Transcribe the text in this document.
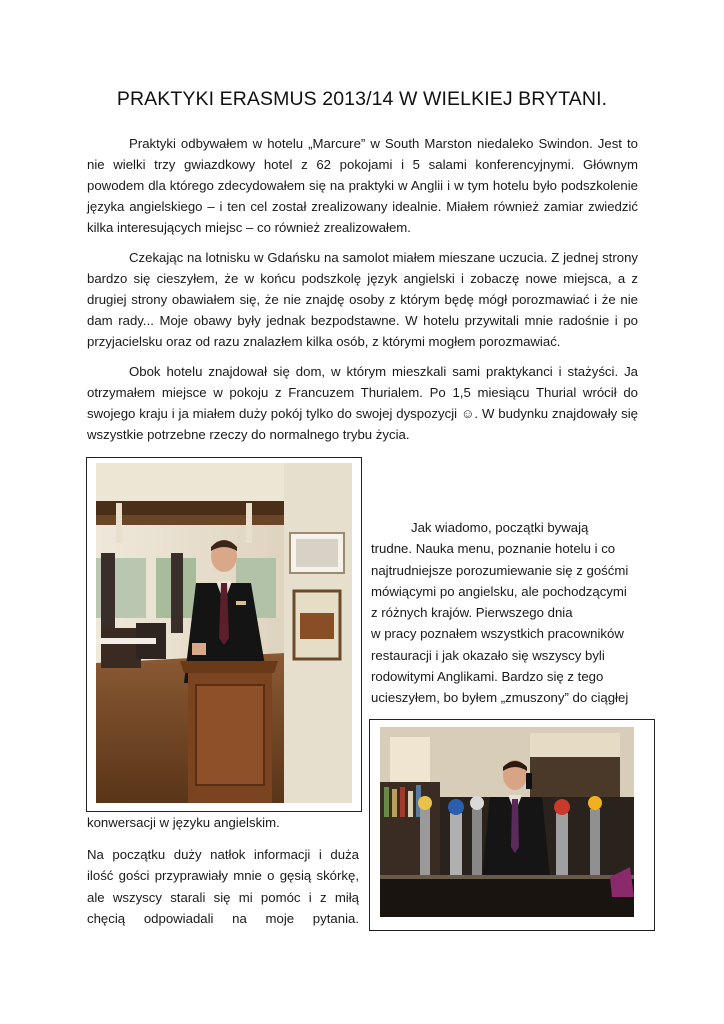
PRAKTYKI ERASMUS 2013/14 W WIELKIEJ BRYTANI.

Praktyki odbywałem w hotelu „Marcure” w South Marston niedaleko Swindon. Jest to nie wielki trzy gwiazdkowy hotel z 62 pokojami i 5 salami konferencyjnymi. Głównym powodem dla którego zdecydowałem się na praktyki w Anglii i w tym hotelu było podszkolenie języka angielskiego – i ten cel został zrealizowany idealnie. Miałem również zamiar zwiedzić kilka interesujących miejsc – co również zrealizowałem.

Czekając na lotnisku w Gdańsku na samolot miałem mieszane uczucia. Z jednej strony bardzo się cieszyłem, że w końcu podszkolę język angielski i zobaczę nowe miejsca, a z drugiej strony obawiałem się, że nie znajdę osoby z którym będę mógł porozmawiać i że nie dam rady... Moje obawy były jednak bezpodstawne. W hotelu przywitali mnie radośnie i po przyjacielsku oraz od razu znalazłem kilka osób, z którymi mogłem porozmawiać.

Obok hotelu znajdował się dom, w którym mieszkali sami praktykanci i stażyści. Ja otrzymałem miejsce w pokoju z Francuzem Thurialem. Po 1,5 miesiącu Thurial wrócił do swojego kraju i ja miałem duży pokój tylko do swojej dyspozycji ☺. W budynku znajdowały się wszystkie potrzebne rzeczy do normalnego trybu życia.

Jak wiadomo, początki bywają
trudne. Nauka menu, poznanie hotelu i co
najtrudniejsze porozumiewanie się z gośćmi
mówiącymi po angielsku, ale pochodzącymi
z różnych krajów. Pierwszego dnia
w pracy poznałem wszystkich pracowników
restauracji i jak okazało się wszyscy byli
rodowitymi Anglikami. Bardzo się z tego
ucieszyłem, bo byłem „zmuszony” do ciągłej

konwersacji w języku angielskim.

Na początku duży natłok informacji i duża ilość gości przyprawiały mnie o gęsią skórkę, ale wszyscy starali się mi pomóc i z miłą chęcią odpowiadali na moje pytania.
